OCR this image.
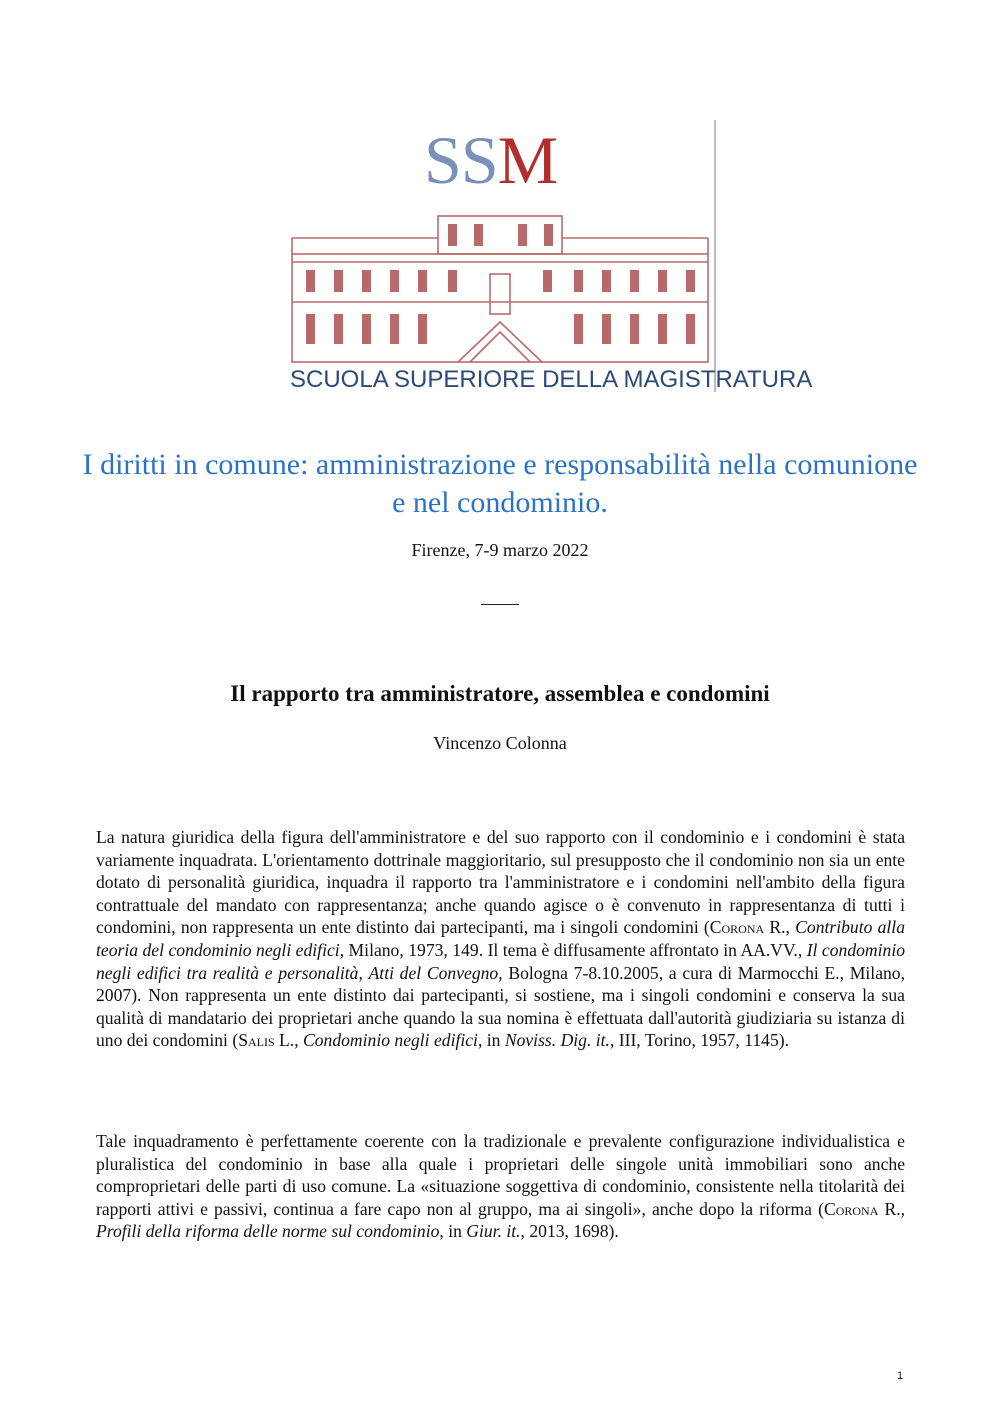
SSM
SCUOLA SUPERIORE DELLA MAGISTRATURA
I diritti in comune: amministrazione e responsabilità nella comunione e nel condominio.
Firenze, 7-9 marzo 2022
Il rapporto tra amministratore, assemblea e condomini
Vincenzo Colonna

La natura giuridica della figura dell'amministratore e del suo rapporto con il condominio e i condomini è stata variamente inquadrata. L'orientamento dottrinale maggioritario, sul presupposto che il condominio non sia un ente dotato di personalità giuridica, inquadra il rapporto tra l'amministratore e i condomini nell'ambito della figura contrattuale del mandato con rappresentanza; anche quando agisce o è convenuto in rappresentanza di tutti i condomini, non rappresenta un ente distinto dai partecipanti, ma i singoli condomini (Corona R., Contributo alla teoria del condominio negli edifici, Milano, 1973, 149. Il tema è diffusamente affrontato in AA.VV., Il condominio negli edifici tra realità e personalità, Atti del Convegno, Bologna 7-8.10.2005, a cura di Marmocchi E., Milano, 2007). Non rappresenta un ente distinto dai partecipanti, si sostiene, ma i singoli condomini e conserva la sua qualità di mandatario dei proprietari anche quando la sua nomina è effettuata dall'autorità giudiziaria su istanza di uno dei condomini (Salis L., Condominio negli edifici, in Noviss. Dig. it., III, Torino, 1957, 1145).

Tale inquadramento è perfettamente coerente con la tradizionale e prevalente configurazione individualistica e pluralistica del condominio in base alla quale i proprietari delle singole unità immobiliari sono anche comproprietari delle parti di uso comune. La «situazione soggettiva di condominio, consistente nella titolarità dei rapporti attivi e passivi, continua a fare capo non al gruppo, ma ai singoli», anche dopo la riforma (Corona R., Profili della riforma delle norme sul condominio, in Giur. it., 2013, 1698).

1
